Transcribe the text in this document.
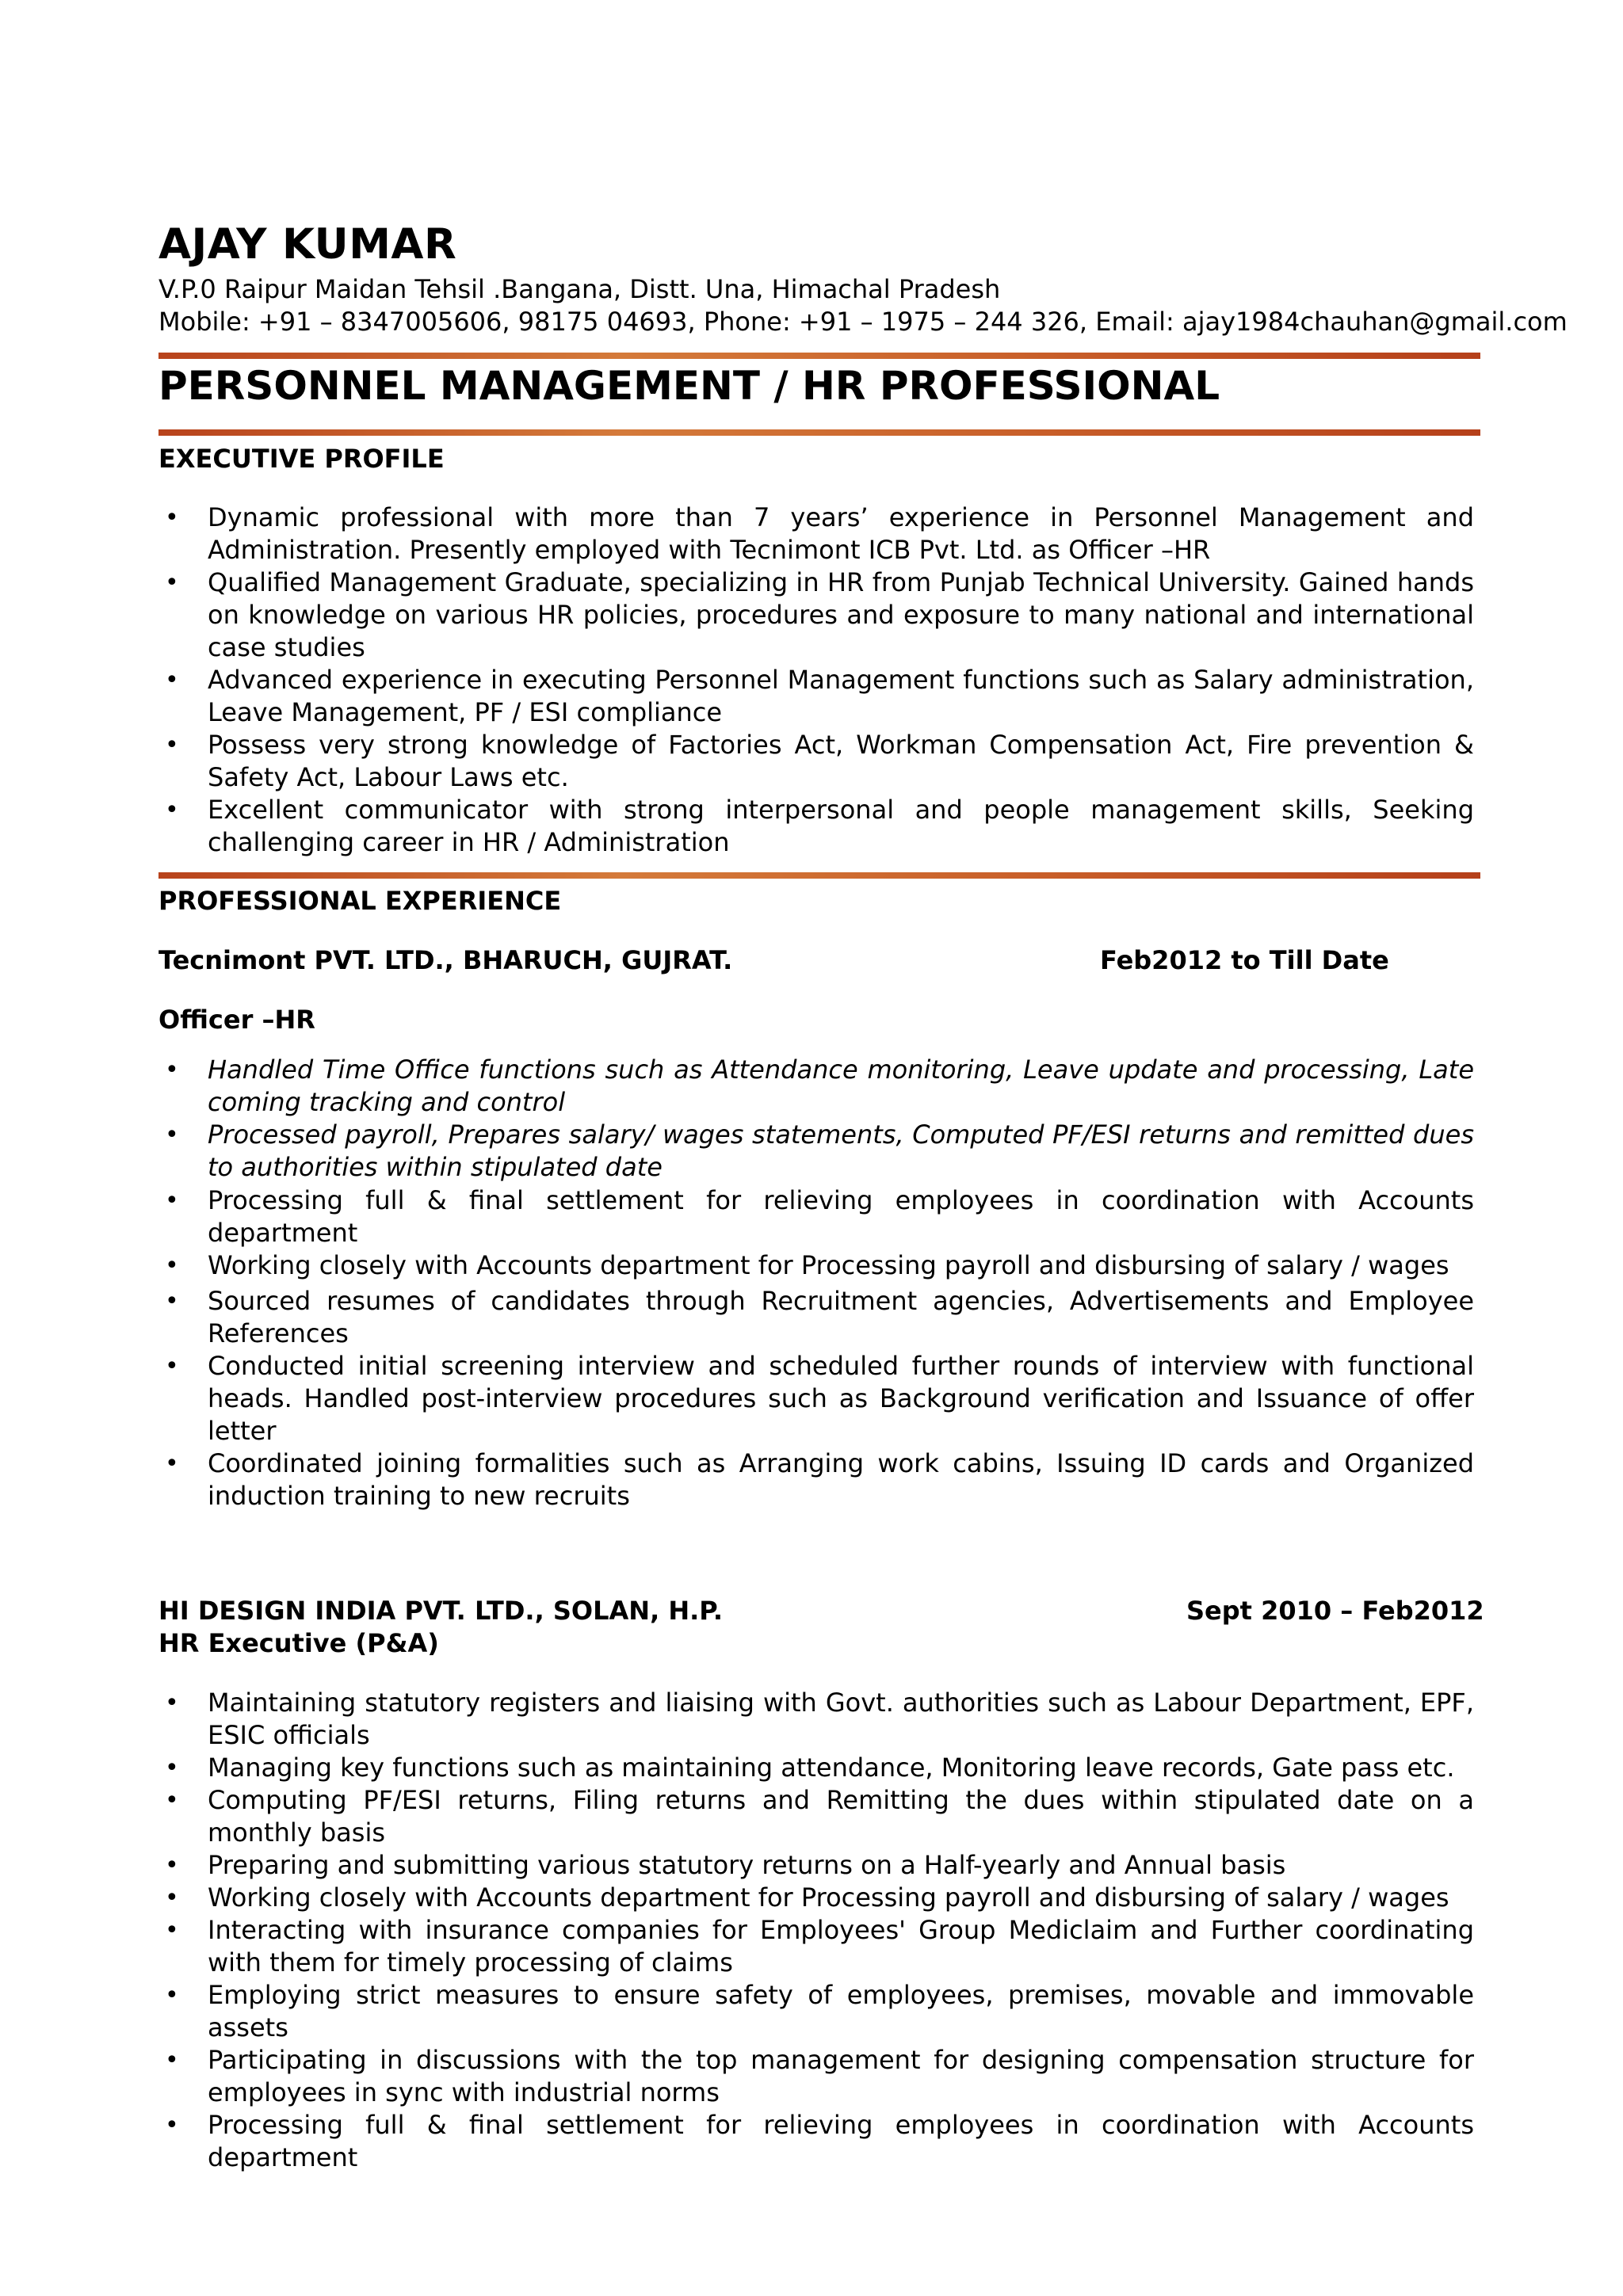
AJAY KUMAR
V.P.0 Raipur Maidan Tehsil .Bangana, Distt. Una, Himachal Pradesh
Mobile: +91 – 8347005606, 98175 04693, Phone: +91 – 1975 – 244 326, Email: ajay1984chauhan@gmail.com
PERSONNEL MANAGEMENT / HR PROFESSIONAL
EXECUTIVE PROFILE
• Dynamic professional with more than 7 years’ experience in Personnel Management and Administration. Presently employed with Tecnimont ICB Pvt. Ltd. as Officer –HR
• Qualified Management Graduate, specializing in HR from Punjab Technical University. Gained hands on knowledge on various HR policies, procedures and exposure to many national and international case studies
• Advanced experience in executing Personnel Management functions such as Salary administration, Leave Management, PF / ESI compliance
• Possess very strong knowledge of Factories Act, Workman Compensation Act, Fire prevention & Safety Act, Labour Laws etc.
• Excellent communicator with strong interpersonal and people management skills, Seeking challenging career in HR / Administration
PROFESSIONAL EXPERIENCE
Tecnimont PVT. LTD., BHARUCH, GUJRAT.	Feb2012 to Till Date
Officer –HR
• Handled Time Office functions such as Attendance monitoring, Leave update and processing, Late coming tracking and control
• Processed payroll, Prepares salary/ wages statements, Computed PF/ESI returns and remitted dues to authorities within stipulated date
• Processing full & final settlement for relieving employees in coordination with Accounts department
• Working closely with Accounts department for Processing payroll and disbursing of salary / wages
• Sourced resumes of candidates through Recruitment agencies, Advertisements and Employee References
• Conducted initial screening interview and scheduled further rounds of interview with functional heads. Handled post-interview procedures such as Background verification and Issuance of offer letter
• Coordinated joining formalities such as Arranging work cabins, Issuing ID cards and Organized induction training to new recruits
HI DESIGN INDIA PVT. LTD., SOLAN, H.P.	Sept 2010 – Feb2012
HR Executive (P&A)
• Maintaining statutory registers and liaising with Govt. authorities such as Labour Department, EPF, ESIC officials
• Managing key functions such as maintaining attendance, Monitoring leave records, Gate pass etc.
• Computing PF/ESI returns, Filing returns and Remitting the dues within stipulated date on a monthly basis
• Preparing and submitting various statutory returns on a Half-yearly and Annual basis
• Working closely with Accounts department for Processing payroll and disbursing of salary / wages
• Interacting with insurance companies for Employees' Group Mediclaim and Further coordinating with them for timely processing of claims
• Employing strict measures to ensure safety of employees, premises, movable and immovable assets
• Participating in discussions with the top management for designing compensation structure for employees in sync with industrial norms
• Processing full & final settlement for relieving employees in coordination with Accounts department
